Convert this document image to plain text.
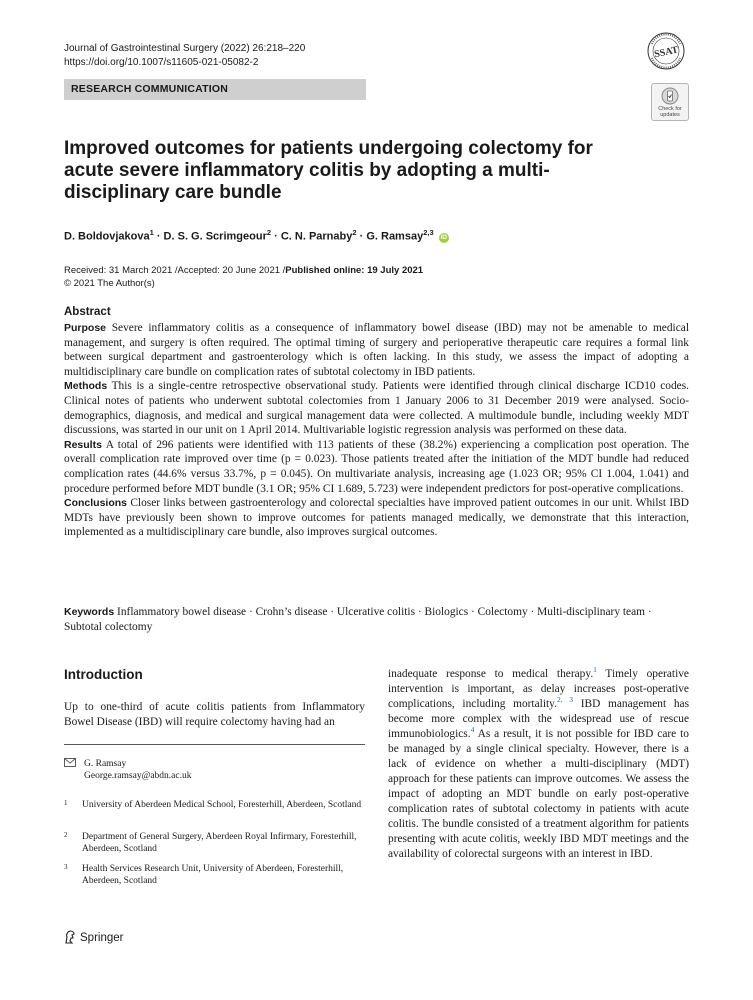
Journal of Gastrointestinal Surgery (2022) 26:218–220
https://doi.org/10.1007/s11605-021-05082-2
RESEARCH COMMUNICATION
SSAT
Check for updates
Improved outcomes for patients undergoing colectomy for acute severe inflammatory colitis by adopting a multi-disciplinary care bundle
D. Boldovjakova$^1$ · D. S. G. Scrimgeour$^2$ · C. N. Parnaby$^2$ · G. Ramsay$^{2,3}$ iD
Received: 31 March 2021 /Accepted: 20 June 2021 /Published online: 19 July 2021
© 2021 The Author(s)
Abstract

Purpose Severe inflammatory colitis as a consequence of inflammatory bowel disease (IBD) may not be amenable to medical management, and surgery is often required. The optimal timing of surgery and perioperative therapeutic care requires a formal link between surgical department and gastroenterology which is often lacking. In this study, we assess the impact of adopting a multidisciplinary care bundle on complication rates of subtotal colectomy in IBD patients.

Methods This is a single-centre retrospective observational study. Patients were identified through clinical discharge ICD10 codes. Clinical notes of patients who underwent subtotal colectomies from 1 January 2006 to 31 December 2019 were analysed. Socio-demographics, diagnosis, and medical and surgical management data were collected. A multimodule bundle, including weekly MDT discussions, was started in our unit on 1 April 2014. Multivariable logistic regression analysis was performed on these data.

Results A total of 296 patients were identified with 113 patients of these (38.2%) experiencing a complication post operation. The overall complication rate improved over time (p = 0.023). Those patients treated after the initiation of the MDT bundle had reduced complication rates (44.6% versus 33.7%, p = 0.045). On multivariate analysis, increasing age (1.023 OR; 95% CI 1.004, 1.041) and procedure performed before MDT bundle (3.1 OR; 95% CI 1.689, 5.723) were independent predictors for post-operative complications.

Conclusions Closer links between gastroenterology and colorectal specialties have improved patient outcomes in our unit. Whilst IBD MDTs have previously been shown to improve outcomes for patients managed medically, we demonstrate that this interaction, implemented as a multidisciplinary care bundle, also improves surgical outcomes.

Keywords Inflammatory bowel disease · Crohn’s disease · Ulcerative colitis · Biologics · Colectomy · Multi-disciplinary team · Subtotal colectomy
Introduction
Up to one-third of acute colitis patients from Inflammatory Bowel Disease (IBD) will require colectomy having had an
G. Ramsay
George.ramsay@abdn.ac.uk
1 University of Aberdeen Medical School, Foresterhill, Aberdeen, Scotland
2 Department of General Surgery, Aberdeen Royal Infirmary, Foresterhill, Aberdeen, Scotland
3 Health Services Research Unit, University of Aberdeen, Foresterhill, Aberdeen, Scotland

inadequate response to medical therapy.$^1$ Timely operative intervention is important, as delay increases post-operative complications, including mortality.$^{2, 3}$ IBD management has become more complex with the widespread use of rescue immunobiologics.$^4$ As a result, it is not possible for IBD care to be managed by a single clinical specialty. However, there is a lack of evidence on whether a multi-disciplinary (MDT) approach for these patients can improve outcomes. We assess the impact of adopting an MDT bundle on early post-operative complication rates of subtotal colectomy in patients with acute colitis. The bundle consisted of a treatment algorithm for patients presenting with acute colitis, weekly IBD MDT meetings and the availability of colorectal surgeons with an interest in IBD.

Springer
